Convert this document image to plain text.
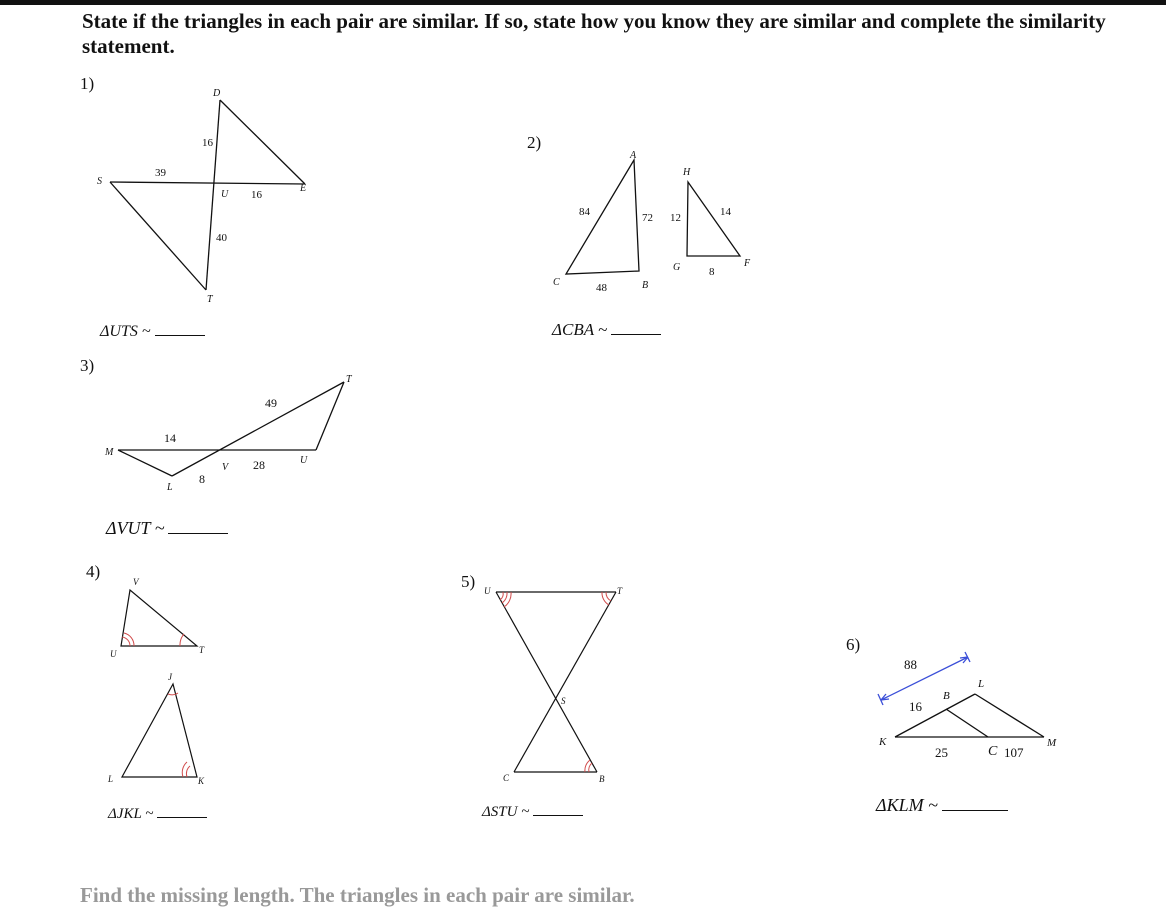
State if the triangles in each pair are similar. If so, state how you know they are similar and complete the similarity statement.
1)
2)
3)
4)
5)
6)
ΔUTS ~	ΔCBA ~
ΔVUT ~
ΔJKL ~	ΔSTU ~	ΔKLM ~
S
D
E
U
T
39
16
16
40
A
B
C
H
G	F
84	72
48
12	14
8
M
T
V
U
L
14
49
28
8
V
U	T
J
L	K
U	T
S
C	B
K
B
L
C
M
88
16
25	107
Find the missing length. The triangles in each pair are similar.
